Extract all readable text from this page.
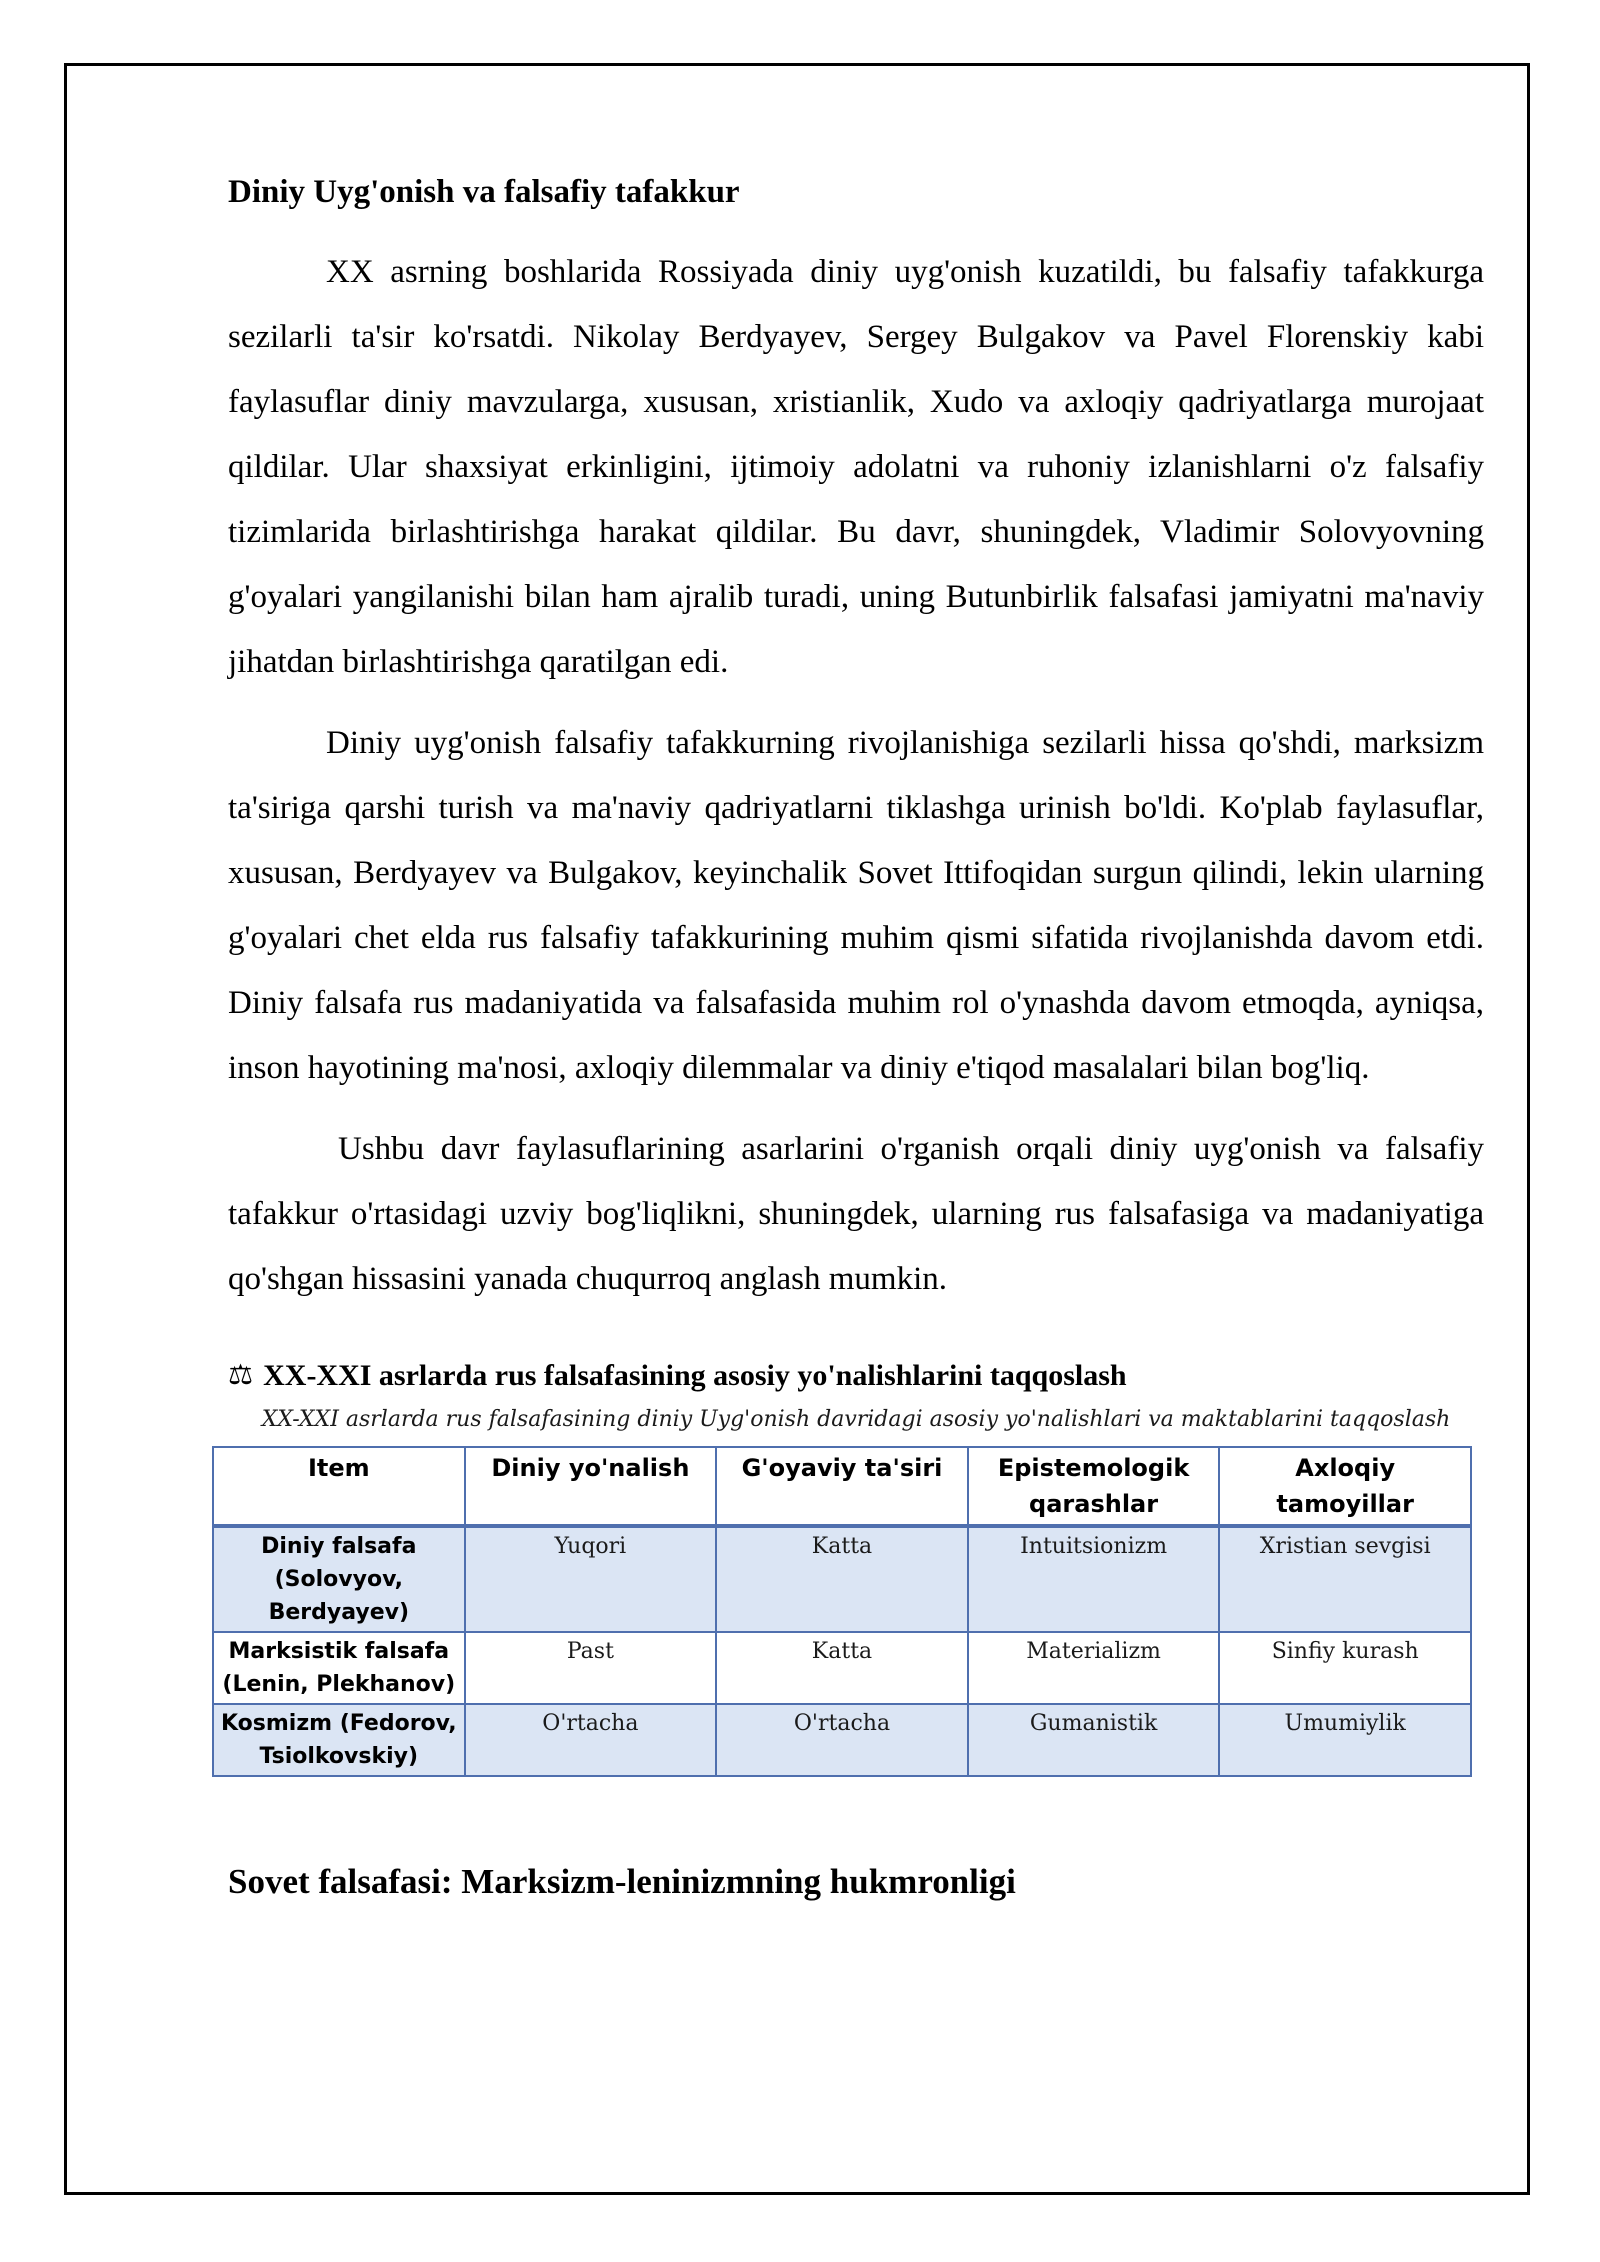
Diniy Uyg'onish va falsafiy tafakkur

XX asrning boshlarida Rossiyada diniy uyg'onish kuzatildi, bu falsafiy tafakkurga sezilarli ta'sir ko'rsatdi. Nikolay Berdyayev, Sergey Bulgakov va Pavel Florenskiy kabi faylasuflar diniy mavzularga, xususan, xristianlik, Xudo va axloqiy qadriyatlarga murojaat qildilar. Ular shaxsiyat erkinligini, ijtimoiy adolatni va ruhoniy izlanishlarni o'z falsafiy tizimlarida birlashtirishga harakat qildilar. Bu davr, shuningdek, Vladimir Solovyovning g'oyalari yangilanishi bilan ham ajralib turadi, uning Butunbirlik falsafasi jamiyatni ma'naviy jihatdan birlashtirishga qaratilgan edi.

Diniy uyg'onish falsafiy tafakkurning rivojlanishiga sezilarli hissa qo'shdi, marksizm ta'siriga qarshi turish va ma'naviy qadriyatlarni tiklashga urinish bo'ldi. Ko'plab faylasuflar, xususan, Berdyayev va Bulgakov, keyinchalik Sovet Ittifoqidan surgun qilindi, lekin ularning g'oyalari chet elda rus falsafiy tafakkurining muhim qismi sifatida rivojlanishda davom etdi. Diniy falsafa rus madaniyatida va falsafasida muhim rol o'ynashda davom etmoqda, ayniqsa, inson hayotining ma'nosi, axloqiy dilemmalar va diniy e'tiqod masalalari bilan bog'liq.

Ushbu davr faylasuflarining asarlarini o'rganish orqali diniy uyg'onish va falsafiy tafakkur o'rtasidagi uzviy bog'liqlikni, shuningdek, ularning rus falsafasiga va madaniyatiga qo'shgan hissasini yanada chuqurroq anglash mumkin.

⚖ XX-XXI asrlarda rus falsafasining asosiy yo'nalishlarini taqqoslash
XX-XXI asrlarda rus falsafasining diniy Uyg'onish davridagi asosiy yo'nalishlari va maktablarini taqqoslash
Item	Diniy yo'nalish	G'oyaviy ta'siri	Epistemologik qarashlar	Axloqiy tamoyillar
Diniy falsafa (Solovyov, Berdyayev)	Yuqori	Katta	Intuitsionizm	Xristian sevgisi
Marksistik falsafa (Lenin, Plekhanov)	Past	Katta	Materializm	Sinfiy kurash
Kosmizm (Fedorov, Tsiolkovskiy)	O'rtacha	O'rtacha	Gumanistik	Umumiylik
Sovet falsafasi: Marksizm-leninizmning hukmronligi
